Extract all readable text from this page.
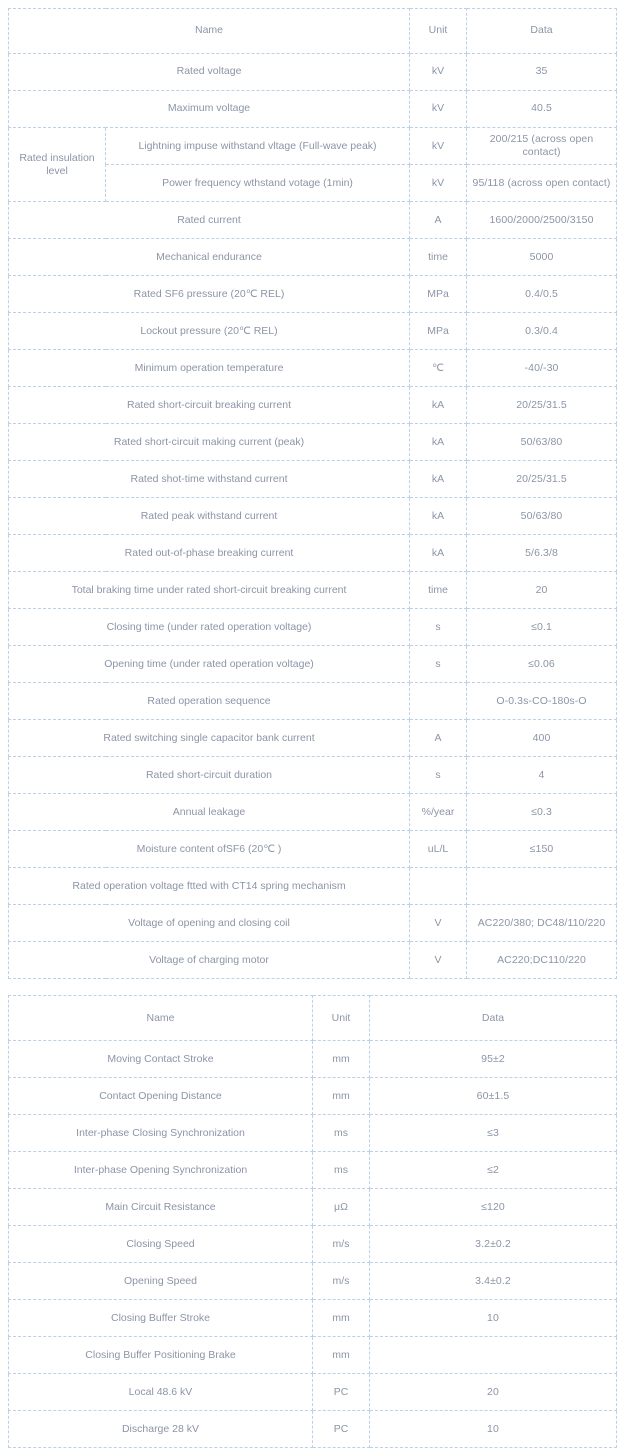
Name		Unit	Data
Rated voltage		kV	35
Maximum voltage		kV	40.5
Rated insulation level	Lightning impuse withstand vltage (Full-wave peak)	kV	200/215 (across open contact)
	Power frequency wthstand votage (1min)	kV	95/118 (across open contact)
Rated current		A	1600/2000/2500/3150
Mechanical endurance		time	5000
Rated SF6 pressure (20℃ REL)		MPa	0.4/0.5
Lockout pressure (20℃ REL)		MPa	0.3/0.4
Minimum operation temperature		℃	-40/-30
Rated short-circuit breaking current		kA	20/25/31.5
Rated short-circuit making current (peak)		kA	50/63/80
Rated shot-time withstand current		kA	20/25/31.5
Rated peak withstand current		kA	50/63/80
Rated out-of-phase breaking current		kA	5/6.3/8
Total braking time under rated short-circuit breaking current		time	20
Closing time (under rated operation voltage)		s	≤0.1
Opening time (under rated operation voltage)		s	≤0.06
Rated operation sequence			O-0.3s-CO-180s-O
Rated switching single capacitor bank current		A	400
Rated short-circuit duration		s	4
Annual leakage		%/year	≤0.3
Moisture content ofSF6 (20℃ )		uL/L	≤150
Rated operation voltage ftted with CT14 spring mechanism			
Voltage of opening and closing coil		V	AC220/380; DC48/110/220
Voltage of charging motor		V	AC220;DC110/220
Name	Unit	Data
Moving Contact Stroke	mm	95±2
Contact Opening Distance	mm	60±1.5
Inter-phase Closing Synchronization	ms	≤3
Inter-phase Opening Synchronization	ms	≤2
Main Circuit Resistance	μΩ	≤120
Closing Speed	m/s	3.2±0.2
Opening Speed	m/s	3.4±0.2
Closing Buffer Stroke	mm	10
Closing Buffer Positioning Brake	mm	
Local 48.6 kV	PC	20
Discharge 28 kV	PC	10
